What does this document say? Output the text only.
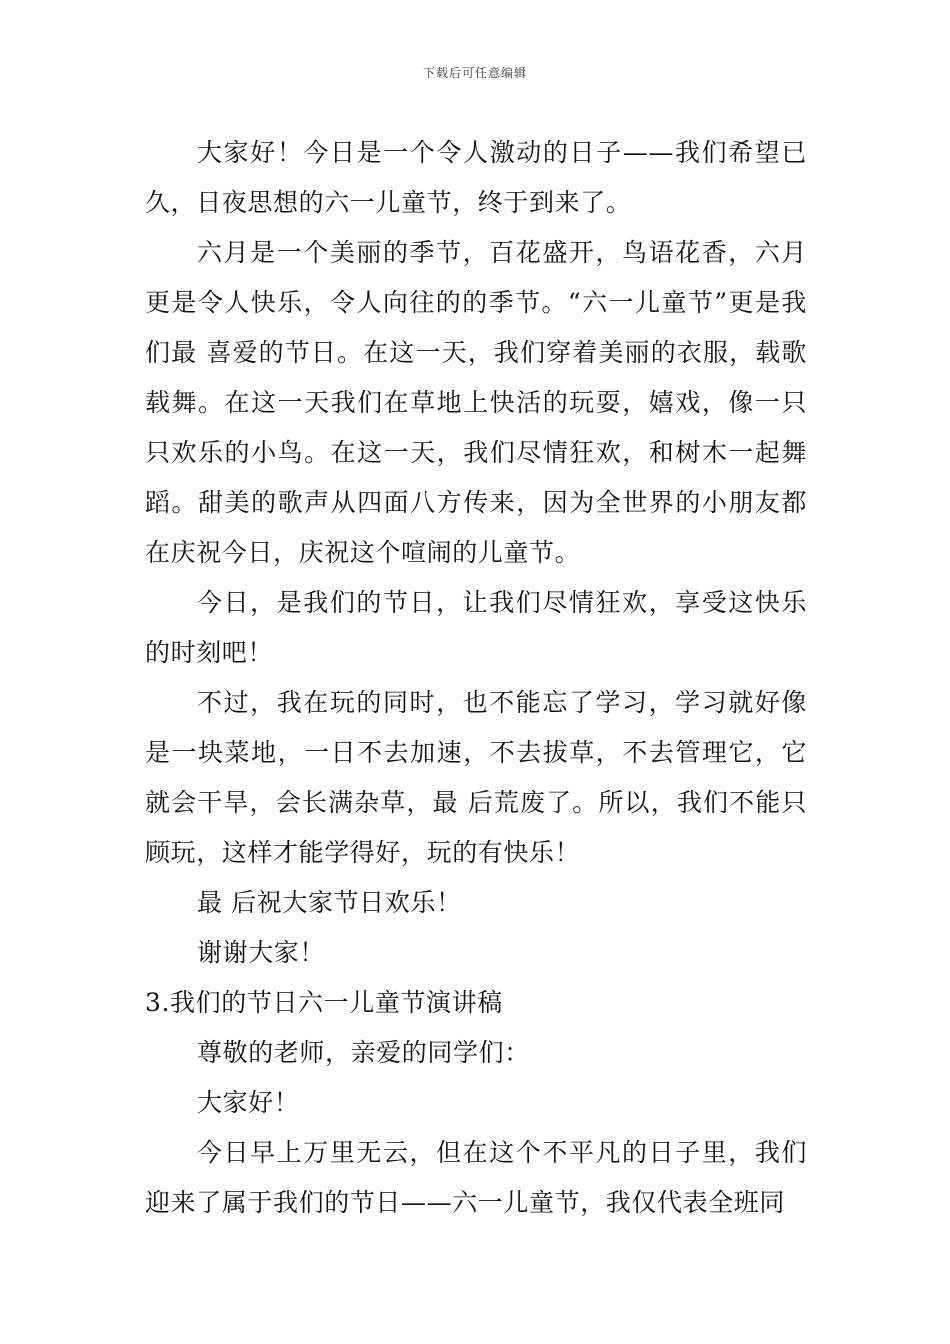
下载后可任意编辑

大家好！今日是一个令人激动的日子——我们希望已久，日夜思想的六一儿童节，终于到来了。

六月是一个美丽的季节，百花盛开，鸟语花香，六月更是令人快乐，令人向往的的季节。“六一儿童节”更是我们最 喜爱的节日。在这一天，我们穿着美丽的衣服，载歌载舞。在这一天我们在草地上快活的玩耍，嬉戏，像一只只欢乐的小鸟。在这一天，我们尽情狂欢，和树木一起舞蹈。甜美的歌声从四面八方传来，因为全世界的小朋友都在庆祝今日，庆祝这个喧闹的儿童节。

今日，是我们的节日，让我们尽情狂欢，享受这快乐的时刻吧！

不过，我在玩的同时，也不能忘了学习，学习就好像是一块菜地，一日不去加速，不去拔草，不去管理它，它就会干旱，会长满杂草，最 后荒废了。所以，我们不能只顾玩，这样才能学得好，玩的有快乐！

最 后祝大家节日欢乐！

谢谢大家！

3.我们的节日六一儿童节演讲稿

尊敬的老师，亲爱的同学们：

大家好！

今日早上万里无云，但在这个不平凡的日子里，我们迎来了属于我们的节日——六一儿童节，我仅代表全班同
